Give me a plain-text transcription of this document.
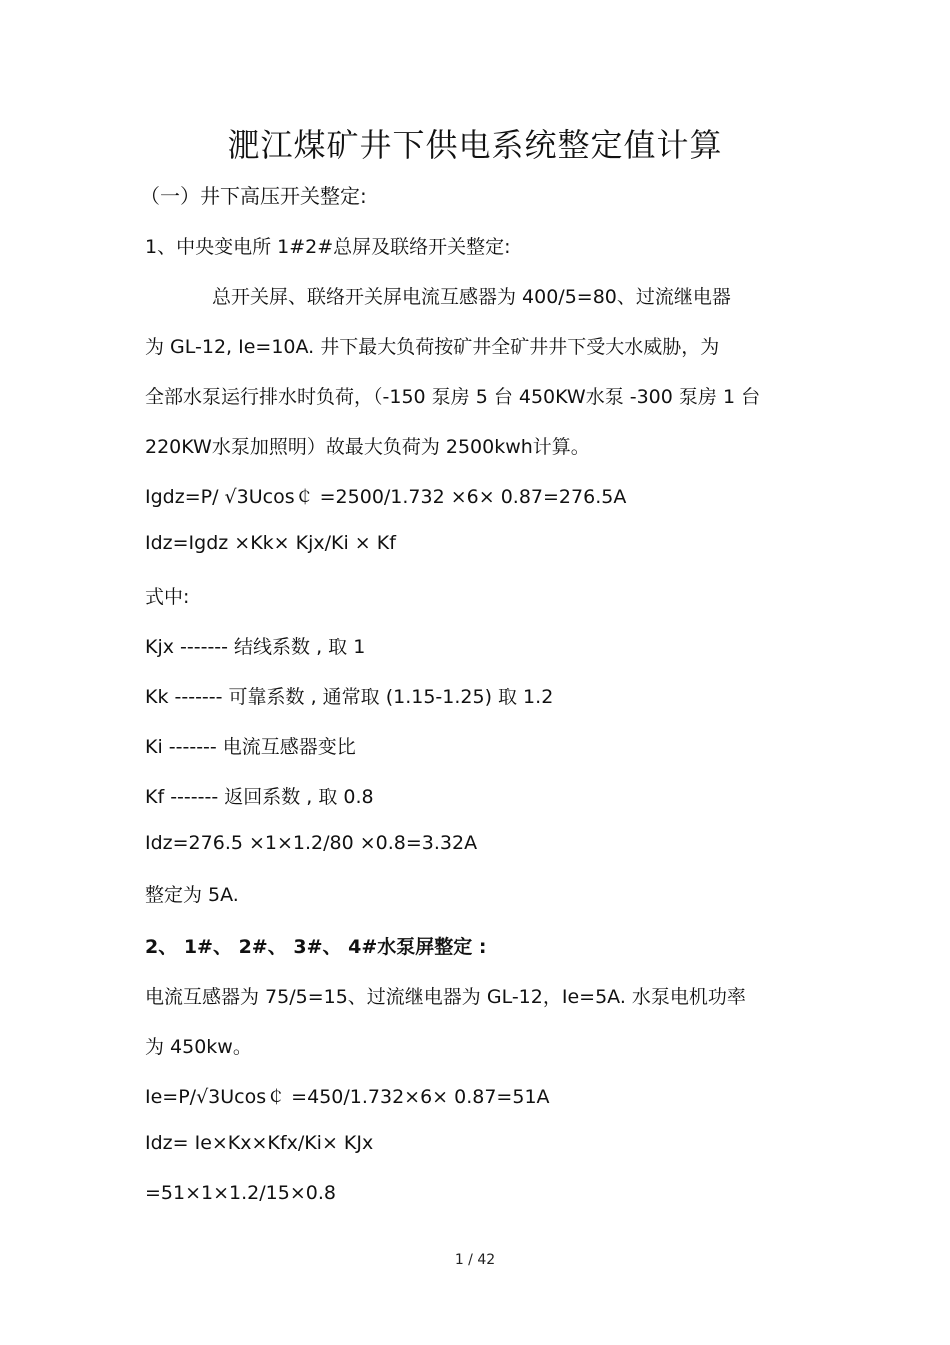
淝江煤矿井下供电系统整定值计算
（一）井下高压开关整定:
1、中央变电所 1#2#总屏及联络开关整定:
总开关屏、联络开关屏电流互感器为 400/5=80、过流继电器
为 GL-12, Ie=10A. 井下最大负荷按矿井全矿井井下受大水威胁，为
全部水泵运行排水时负荷，（-150 泵房 5 台 450KW水泵 -300 泵房 1 台
220KW水泵加照明）故最大负荷为 2500kwh计算。
Igdz=P/ √3Ucos￠ =2500/1.732 ×6× 0.87=276.5A
Idz=Igdz ×Kk× Kjx/Ki × Kf
式中:
Kjx ------- 结线系数 , 取 1
Kk ------- 可靠系数 , 通常取 (1.15-1.25) 取 1.2
Ki ------- 电流互感器变比
Kf ------- 返回系数 , 取 0.8
Idz=276.5 ×1×1.2/80 ×0.8=3.32A
整定为 5A.
2、 1#、 2#、 3#、 4#水泵屏整定 :
电流互感器为 75/5=15、过流继电器为 GL-12，Ie=5A. 水泵电机功率
为 450kw。
Ie=P/√3Ucos￠ =450/1.732×6× 0.87=51A
Idz= Ie×Kx×Kfx/Ki× KJx
=51×1×1.2/15×0.8
1 / 42
